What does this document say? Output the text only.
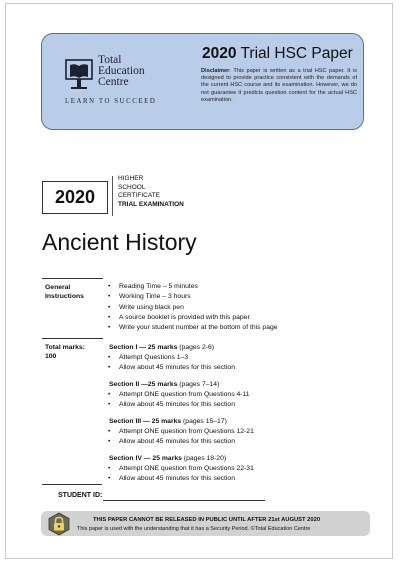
Total
Education
Centre
LEARN TO SUCCEED
2020 Trial HSC Paper
Disclaimer: This paper is written as a trial HSC paper. It is designed to provide practice consistent with the demands of the current HSC course and its examination. However, we do not guarantee it predicts question content for the actual HSC examination.
2020
HIGHER
SCHOOL
CERTIFICATE
TRIAL EXAMINATION
Ancient History
General
Instructions
• Reading Time – 5 minutes
• Working Time – 3 hours
• Write using black pen
• A source booklet is provided with this paper
• Write your student number at the bottom of this page
Total marks:
100
Section I — 25 marks (pages 2-6)
• Attempt Questions 1–3
• Allow about 45 minutes for this section
Section II —25 marks (pages 7–14)
• Attempt ONE question from Questions 4-11
• Allow about 45 minutes for this section
Section III — 25 marks (pages 15–17)
• Attempt ONE question from Questions 12-21
• Allow about 45 minutes for this section
Section IV — 25 marks (pages 18-20)
• Attempt ONE question from Questions 22-31
• Allow about 45 minutes for this section
STUDENT ID:
THIS PAPER CANNOT BE RELEASED IN PUBLIC UNTIL AFTER 21st AUGUST 2020
This paper is used with the understanding that it has a Security Period. ©Total Education Centre
